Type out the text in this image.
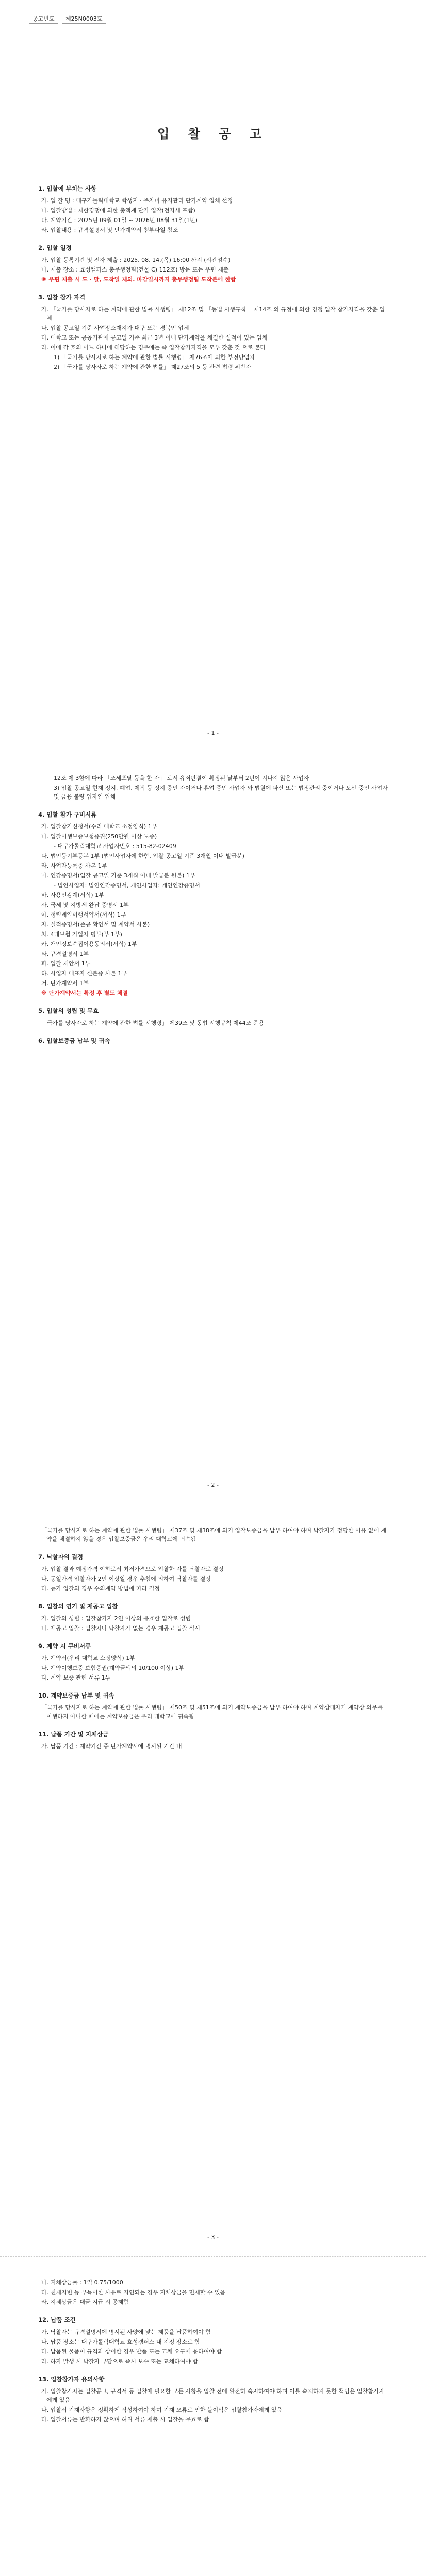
공고번호 제25N0003호
입 찰 공 고
1. 입찰에 부치는 사항
가. 입 찰 명 : 대구가톨릭대학교 학생지 · 주차미 유지관리 단가계약 업체 선정
나. 입찰방법 : 제한경쟁에 의한 총액계 단가 입찰(전자세 포함)
다. 계약기간 : 2025년 09월 01일 ~ 2026년 08월 31일(1년)
라. 입찰내용 : 규격설명서 및 단가계약서 첨부파일 참조
2. 입찰 일정
가. 입찰 등록기간 및 전자 제출 : 2025. 08. 14.(목) 16:00 까지 (시간엄수)
나. 제출 장소 : 효성캠퍼스 총무행정팀(건물 C) 112호) 방문 또는 우편 제출
※ 우편 제출 시 도 · 말, 도착일 제외. 마감일시까지 총무행정팀 도착분에 한함
3. 입찰 참가 자격
가. 「국가를 당사자로 하는 계약에 관한 법률 시행령」 제12조 및 「동법 시행규칙」 제14조 의 규정에 의한 경쟁 입찰 참가자격을 갖춘 업체
나. 입찰 공고일 기준 사업장소재지가 대구 또는 경북인 업체
다. 대학교 또는 공공기관에 공고일 기준 최근 3년 이내 단가계약을 체결한 실적이 있는 업체
라. 이에 각 호의 어느 하나에 해당하는 경우에는 즉 입찰참가자격을 모두 갖춘 것 으로 본다
1) 「국가를 당사자로 하는 계약에 관한 법률 시행령」 제76조에 의한 부정당업자
2) 「국가를 당사자로 하는 계약에 관한 법률」 제27조의 5 등 관련 법령 위반자
- 1 -
12조 제 3항에 따라 「조세포탈 등을 한 자」 로서 유죄판결이 확정된 날부터 2년이 지나지 않은 사업자
3) 입찰 공고일 현재 정지, 폐업, 제적 등 정지 중인 자이거나 휴업 중인 사업자 와 법원에 파산 또는 법정관리 중이거나 도산 중인 사업자 및 금융 불량 업자인 업체
4. 입찰 참가 구비서류
가. 입찰참가신청서(수리 대학교 소정양식) 1부
나. 입찰이행보증보험증권(250만원 이상 보증)
- 대구가톨릭대학교 사업자번호 : 515-82-02409
다. 법인등기부등본 1부 (법인사업자에 한함, 입찰 공고일 기준 3개월 이내 발급분)
라. 사업자등록증 사본 1부
마. 인감증명서(입찰 공고일 기준 3개월 이내 발급분 원본) 1부
- 법인사업자: 법인인감증명서, 개인사업자: 개인인감증명서
바. 사용인감계(서식) 1부
사. 국세 및 지방세 완납 증명서 1부
아. 청렴계약이행서약서(서식) 1부
자. 실적증명서(준공 확인서 및 계약서 사본)
차. 4대보험 가입자 명부(부 1부)
카. 개인정보수집이용동의서(서식) 1부
타. 규격설명서 1부
파. 입찰 제안서 1부
하. 사업자 대표자 신분증 사본 1부
거. 단가계약서 1부
※ 단가계약서는 확정 후 별도 체결
5. 입찰의 성립 및 무효
「국가를 당사자로 하는 계약에 관한 법률 시행령」 제39조 및 동법 시행규칙 제44조 준용
6. 입찰보증금 납부 및 귀속
- 2 -
「국가를 당사자로 하는 계약에 관한 법률 시행령」 제37조 및 제38조에 의거 입찰보증금을 납부 하여야 하며 낙찰자가 정당한 이유 없이 계약을 체결하지 않을 경우 입찰보증금은 우리 대학교에 귀속됨
7. 낙찰자의 결정
가. 입찰 결과 예정가격 이하로서 최저가격으로 입찰한 자를 낙찰자로 결정
나. 동일가격 입찰자가 2인 이상일 경우 추첨에 의하여 낙찰자를 결정
다. 등가 입찰의 경우 수의계약 방법에 따라 결정
8. 입찰의 연기 및 재공고 입찰
가. 입찰의 성립 : 입찰참가자 2인 이상의 유효한 입찰로 성립
나. 재공고 입찰 : 입찰자나 낙찰자가 없는 경우 재공고 입찰 실시
9. 계약 시 구비서류
가. 계약서(우리 대학교 소정양식) 1부
나. 계약이행보증 보험증권(계약금액의 10/100 이상) 1부
다. 계약 보증 관련 서류 1부
10. 계약보증금 납부 및 귀속
「국가를 당사자로 하는 계약에 관한 법률 시행령」 제50조 및 제51조에 의거 계약보증금을 납부 하여야 하며 계약상대자가 계약상 의무를 이행하지 아니한 때에는 계약보증금은 우리 대학교에 귀속됨
11. 납품 기간 및 지체상금
가. 납품 기간 : 계약기간 중 단가계약서에 명시된 기간 내
- 3 -
나. 지체상금률 : 1일 0.75/1000
다. 천재지변 등 부득이한 사유로 지연되는 경우 지체상금을 면제할 수 있음
라. 지체상금은 대금 지급 시 공제함
12. 납품 조건
가. 낙찰자는 규격설명서에 명시된 사양에 맞는 제품을 납품하여야 함
나. 납품 장소는 대구가톨릭대학교 효성캠퍼스 내 지정 장소로 함
다. 납품된 물품이 규격과 상이한 경우 반품 또는 교체 요구에 응하여야 함
라. 하자 발생 시 낙찰자 부담으로 즉시 보수 또는 교체하여야 함
13. 입찰참가자 유의사항
가. 입찰참가자는 입찰공고, 규격서 등 입찰에 필요한 모든 사항을 입찰 전에 완전히 숙지하여야 하며 이를 숙지하지 못한 책임은 입찰참가자에게 있음
나. 입찰서 기재사항은 정확하게 작성하여야 하며 기재 오류로 인한 불이익은 입찰참가자에게 있음
다. 입찰서류는 반환하지 않으며 허위 서류 제출 시 입찰을 무효로 함
